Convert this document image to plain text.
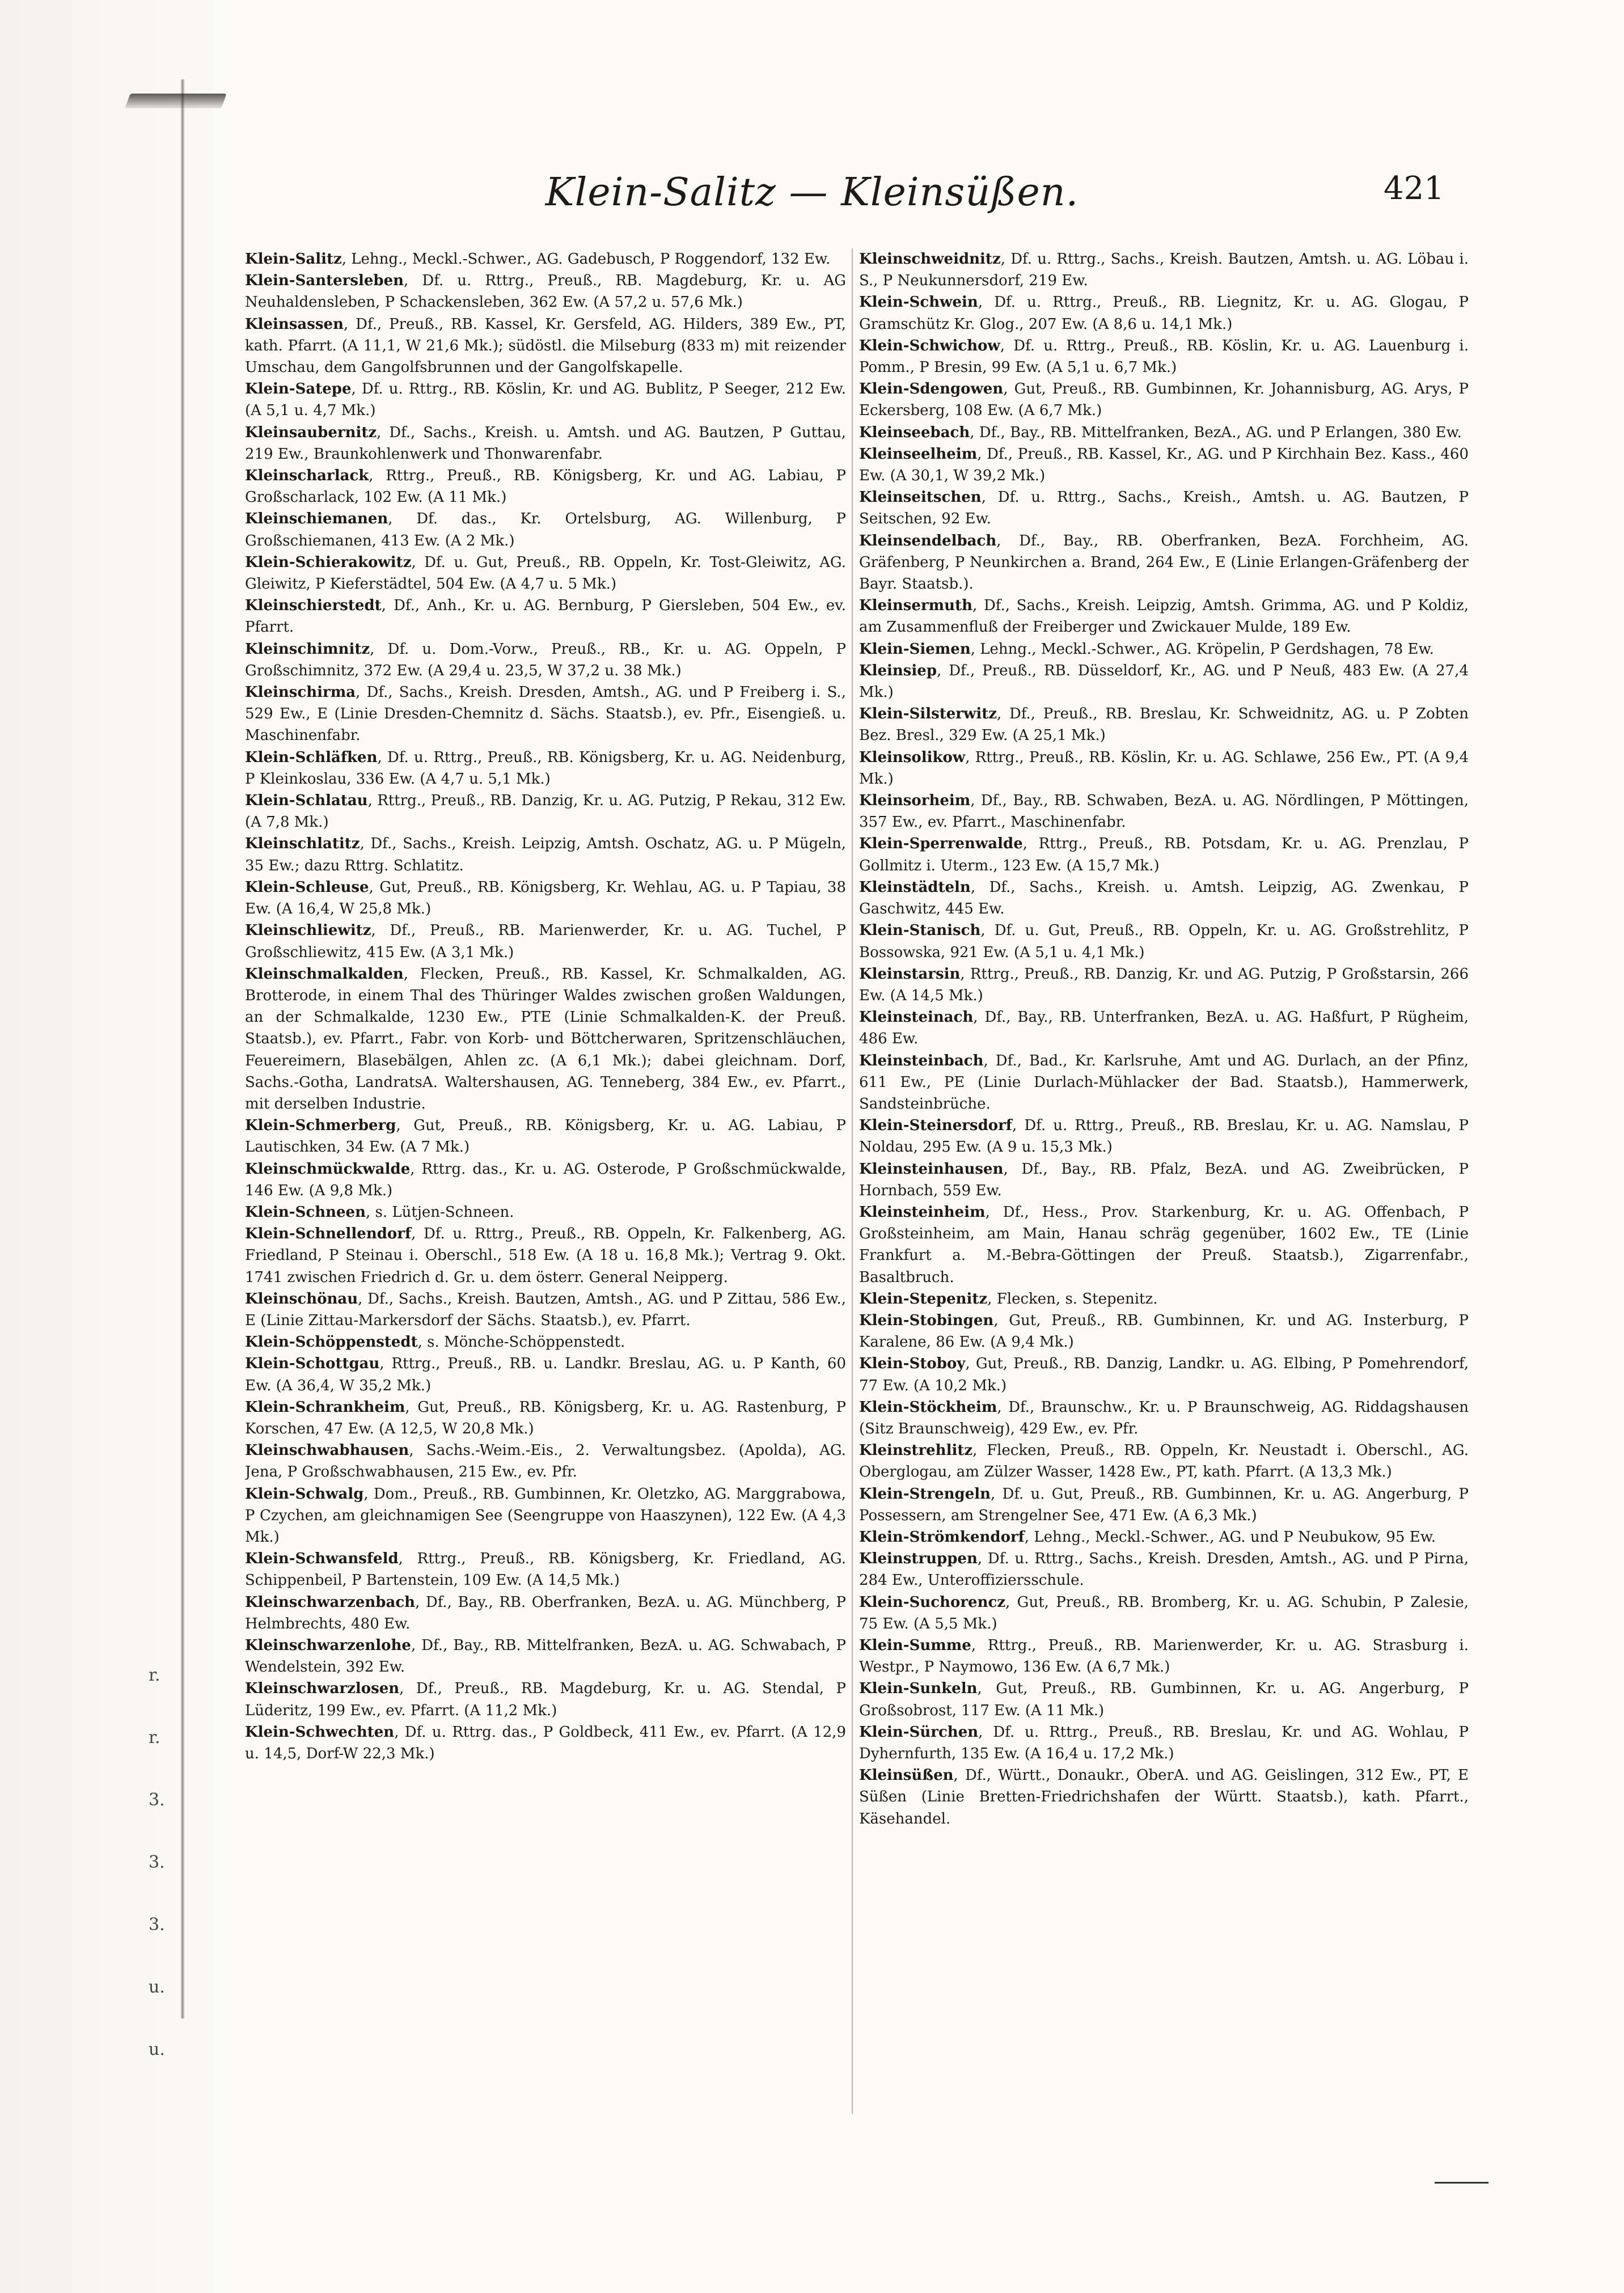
r.
r.
3.
3.
3.
u.
u.
Klein-Salitz — Kleinsüßen.	421

Klein-Salitz, Lehng., Meckl.-Schwer., AG. Gadebusch, P Roggendorf, 132 Ew.

Klein-Santersleben, Df. u. Rttrg., Preuß., RB. Magdeburg, Kr. u. AG Neuhaldensleben, P Schackensleben, 362 Ew. (A 57,2 u. 57,6 Mk.)

Kleinsassen, Df., Preuß., RB. Kassel, Kr. Gersfeld, AG. Hilders, 389 Ew., PT, kath. Pfarrt. (A 11,1, W 21,6 Mk.); südöstl. die Milseburg (833 m) mit reizender Umschau, dem Gangolfsbrunnen und der Gangolfskapelle.

Klein-Satepe, Df. u. Rttrg., RB. Köslin, Kr. und AG. Bublitz, P Seeger, 212 Ew. (A 5,1 u. 4,7 Mk.)

Kleinsaubernitz, Df., Sachs., Kreish. u. Amtsh. und AG. Bautzen, P Guttau, 219 Ew., Braunkohlenwerk und Thonwarenfabr.

Kleinscharlack, Rttrg., Preuß., RB. Königsberg, Kr. und AG. Labiau, P Großscharlack, 102 Ew. (A 11 Mk.)

Kleinschiemanen, Df. das., Kr. Ortelsburg, AG. Willenburg, P Großschiemanen, 413 Ew. (A 2 Mk.)

Klein-Schierakowitz, Df. u. Gut, Preuß., RB. Oppeln, Kr. Tost-Gleiwitz, AG. Gleiwitz, P Kieferstädtel, 504 Ew. (A 4,7 u. 5 Mk.)

Kleinschierstedt, Df., Anh., Kr. u. AG. Bernburg, P Giersleben, 504 Ew., ev. Pfarrt.

Kleinschimnitz, Df. u. Dom.-Vorw., Preuß., RB., Kr. u. AG. Oppeln, P Großschimnitz, 372 Ew. (A 29,4 u. 23,5, W 37,2 u. 38 Mk.)

Kleinschirma, Df., Sachs., Kreish. Dresden, Amtsh., AG. und P Freiberg i. S., 529 Ew., E (Linie Dresden-Chemnitz d. Sächs. Staatsb.), ev. Pfr., Eisengieß. u. Maschinenfabr.

Klein-Schläfken, Df. u. Rttrg., Preuß., RB. Königsberg, Kr. u. AG. Neidenburg, P Kleinkoslau, 336 Ew. (A 4,7 u. 5,1 Mk.)

Klein-Schlatau, Rttrg., Preuß., RB. Danzig, Kr. u. AG. Putzig, P Rekau, 312 Ew. (A 7,8 Mk.)

Kleinschlatitz, Df., Sachs., Kreish. Leipzig, Amtsh. Oschatz, AG. u. P Mügeln, 35 Ew.; dazu Rttrg. Schlatitz.

Klein-Schleuse, Gut, Preuß., RB. Königsberg, Kr. Wehlau, AG. u. P Tapiau, 38 Ew. (A 16,4, W 25,8 Mk.)

Kleinschliewitz, Df., Preuß., RB. Marienwerder, Kr. u. AG. Tuchel, P Großschliewitz, 415 Ew. (A 3,1 Mk.)

Kleinschmalkalden, Flecken, Preuß., RB. Kassel, Kr. Schmalkalden, AG. Brotterode, in einem Thal des Thüringer Waldes zwischen großen Waldungen, an der Schmalkalde, 1230 Ew., PTE (Linie Schmalkalden-K. der Preuß. Staatsb.), ev. Pfarrt., Fabr. von Korb- und Böttcherwaren, Spritzenschläuchen, Feuereimern, Blasebälgen, Ahlen zc. (A 6,1 Mk.); dabei gleichnam. Dorf, Sachs.-Gotha, LandratsA. Waltershausen, AG. Tenneberg, 384 Ew., ev. Pfarrt., mit derselben Industrie.

Klein-Schmerberg, Gut, Preuß., RB. Königsberg, Kr. u. AG. Labiau, P Lautischken, 34 Ew. (A 7 Mk.)

Kleinschmückwalde, Rttrg. das., Kr. u. AG. Osterode, P Großschmückwalde, 146 Ew. (A 9,8 Mk.)

Klein-Schneen, s. Lütjen-Schneen.

Klein-Schnellendorf, Df. u. Rttrg., Preuß., RB. Oppeln, Kr. Falkenberg, AG. Friedland, P Steinau i. Oberschl., 518 Ew. (A 18 u. 16,8 Mk.); Vertrag 9. Okt. 1741 zwischen Friedrich d. Gr. u. dem österr. General Neipperg.

Kleinschönau, Df., Sachs., Kreish. Bautzen, Amtsh., AG. und P Zittau, 586 Ew., E (Linie Zittau-Markersdorf der Sächs. Staatsb.), ev. Pfarrt.

Klein-Schöppenstedt, s. Mönche-Schöppenstedt.

Klein-Schottgau, Rttrg., Preuß., RB. u. Landkr. Breslau, AG. u. P Kanth, 60 Ew. (A 36,4, W 35,2 Mk.)

Klein-Schrankheim, Gut, Preuß., RB. Königsberg, Kr. u. AG. Rastenburg, P Korschen, 47 Ew. (A 12,5, W 20,8 Mk.)

Kleinschwabhausen, Sachs.-Weim.-Eis., 2. Verwaltungsbez. (Apolda), AG. Jena, P Großschwabhausen, 215 Ew., ev. Pfr.

Klein-Schwalg, Dom., Preuß., RB. Gumbinnen, Kr. Oletzko, AG. Marggrabowa, P Czychen, am gleichnamigen See (Seengruppe von Haaszynen), 122 Ew. (A 4,3 Mk.)

Klein-Schwansfeld, Rttrg., Preuß., RB. Königsberg, Kr. Friedland, AG. Schippenbeil, P Bartenstein, 109 Ew. (A 14,5 Mk.)

Kleinschwarzenbach, Df., Bay., RB. Oberfranken, BezA. u. AG. Münchberg, P Helmbrechts, 480 Ew.

Kleinschwarzenlohe, Df., Bay., RB. Mittelfranken, BezA. u. AG. Schwabach, P Wendelstein, 392 Ew.

Kleinschwarzlosen, Df., Preuß., RB. Magdeburg, Kr. u. AG. Stendal, P Lüderitz, 199 Ew., ev. Pfarrt. (A 11,2 Mk.)

Klein-Schwechten, Df. u. Rttrg. das., P Goldbeck, 411 Ew., ev. Pfarrt. (A 12,9 u. 14,5, Dorf-W 22,3 Mk.)

Kleinschweidnitz, Df. u. Rttrg., Sachs., Kreish. Bautzen, Amtsh. u. AG. Löbau i. S., P Neukunnersdorf, 219 Ew.

Klein-Schwein, Df. u. Rttrg., Preuß., RB. Liegnitz, Kr. u. AG. Glogau, P Gramschütz Kr. Glog., 207 Ew. (A 8,6 u. 14,1 Mk.)

Klein-Schwichow, Df. u. Rttrg., Preuß., RB. Köslin, Kr. u. AG. Lauenburg i. Pomm., P Bresin, 99 Ew. (A 5,1 u. 6,7 Mk.)

Klein-Sdengowen, Gut, Preuß., RB. Gumbinnen, Kr. Johannisburg, AG. Arys, P Eckersberg, 108 Ew. (A 6,7 Mk.)

Kleinseebach, Df., Bay., RB. Mittelfranken, BezA., AG. und P Erlangen, 380 Ew.

Kleinseelheim, Df., Preuß., RB. Kassel, Kr., AG. und P Kirchhain Bez. Kass., 460 Ew. (A 30,1, W 39,2 Mk.)

Kleinseitschen, Df. u. Rttrg., Sachs., Kreish., Amtsh. u. AG. Bautzen, P Seitschen, 92 Ew.

Kleinsendelbach, Df., Bay., RB. Oberfranken, BezA. Forchheim, AG. Gräfenberg, P Neunkirchen a. Brand, 264 Ew., E (Linie Erlangen-Gräfenberg der Bayr. Staatsb.).

Kleinsermuth, Df., Sachs., Kreish. Leipzig, Amtsh. Grimma, AG. und P Koldiz, am Zusammenfluß der Freiberger und Zwickauer Mulde, 189 Ew.

Klein-Siemen, Lehng., Meckl.-Schwer., AG. Kröpelin, P Gerdshagen, 78 Ew.

Kleinsiep, Df., Preuß., RB. Düsseldorf, Kr., AG. und P Neuß, 483 Ew. (A 27,4 Mk.)

Klein-Silsterwitz, Df., Preuß., RB. Breslau, Kr. Schweidnitz, AG. u. P Zobten Bez. Bresl., 329 Ew. (A 25,1 Mk.)

Kleinsolikow, Rttrg., Preuß., RB. Köslin, Kr. u. AG. Schlawe, 256 Ew., PT. (A 9,4 Mk.)

Kleinsorheim, Df., Bay., RB. Schwaben, BezA. u. AG. Nördlingen, P Möttingen, 357 Ew., ev. Pfarrt., Maschinenfabr.

Klein-Sperrenwalde, Rttrg., Preuß., RB. Potsdam, Kr. u. AG. Prenzlau, P Gollmitz i. Uterm., 123 Ew. (A 15,7 Mk.)

Kleinstädteln, Df., Sachs., Kreish. u. Amtsh. Leipzig, AG. Zwenkau, P Gaschwitz, 445 Ew.

Klein-Stanisch, Df. u. Gut, Preuß., RB. Oppeln, Kr. u. AG. Großstrehlitz, P Bossowska, 921 Ew. (A 5,1 u. 4,1 Mk.)

Kleinstarsin, Rttrg., Preuß., RB. Danzig, Kr. und AG. Putzig, P Großstarsin, 266 Ew. (A 14,5 Mk.)

Kleinsteinach, Df., Bay., RB. Unterfranken, BezA. u. AG. Haßfurt, P Rügheim, 486 Ew.

Kleinsteinbach, Df., Bad., Kr. Karlsruhe, Amt und AG. Durlach, an der Pfinz, 611 Ew., PE (Linie Durlach-Mühlacker der Bad. Staatsb.), Hammerwerk, Sandsteinbrüche.

Klein-Steinersdorf, Df. u. Rttrg., Preuß., RB. Breslau, Kr. u. AG. Namslau, P Noldau, 295 Ew. (A 9 u. 15,3 Mk.)

Kleinsteinhausen, Df., Bay., RB. Pfalz, BezA. und AG. Zweibrücken, P Hornbach, 559 Ew.

Kleinsteinheim, Df., Hess., Prov. Starkenburg, Kr. u. AG. Offenbach, P Großsteinheim, am Main, Hanau schräg gegenüber, 1602 Ew., TE (Linie Frankfurt a. M.-Bebra-Göttingen der Preuß. Staatsb.), Zigarrenfabr., Basaltbruch.

Klein-Stepenitz, Flecken, s. Stepenitz.

Klein-Stobingen, Gut, Preuß., RB. Gumbinnen, Kr. und AG. Insterburg, P Karalene, 86 Ew. (A 9,4 Mk.)

Klein-Stoboy, Gut, Preuß., RB. Danzig, Landkr. u. AG. Elbing, P Pomehrendorf, 77 Ew. (A 10,2 Mk.)

Klein-Stöckheim, Df., Braunschw., Kr. u. P Braunschweig, AG. Riddagshausen (Sitz Braunschweig), 429 Ew., ev. Pfr.

Kleinstrehlitz, Flecken, Preuß., RB. Oppeln, Kr. Neustadt i. Oberschl., AG. Oberglogau, am Zülzer Wasser, 1428 Ew., PT, kath. Pfarrt. (A 13,3 Mk.)

Klein-Strengeln, Df. u. Gut, Preuß., RB. Gumbinnen, Kr. u. AG. Angerburg, P Possessern, am Strengelner See, 471 Ew. (A 6,3 Mk.)

Klein-Strömkendorf, Lehng., Meckl.-Schwer., AG. und P Neubukow, 95 Ew.

Kleinstruppen, Df. u. Rttrg., Sachs., Kreish. Dresden, Amtsh., AG. und P Pirna, 284 Ew., Unteroffiziersschule.

Klein-Suchorencz, Gut, Preuß., RB. Bromberg, Kr. u. AG. Schubin, P Zalesie, 75 Ew. (A 5,5 Mk.)

Klein-Summe, Rttrg., Preuß., RB. Marienwerder, Kr. u. AG. Strasburg i. Westpr., P Naymowo, 136 Ew. (A 6,7 Mk.)

Klein-Sunkeln, Gut, Preuß., RB. Gumbinnen, Kr. u. AG. Angerburg, P Großsobrost, 117 Ew. (A 11 Mk.)

Klein-Sürchen, Df. u. Rttrg., Preuß., RB. Breslau, Kr. und AG. Wohlau, P Dyhernfurth, 135 Ew. (A 16,4 u. 17,2 Mk.)

Kleinsüßen, Df., Württ., Donaukr., OberA. und AG. Geislingen, 312 Ew., PT, E Süßen (Linie Bretten-Friedrichshafen der Württ. Staatsb.), kath. Pfarrt., Käsehandel.
